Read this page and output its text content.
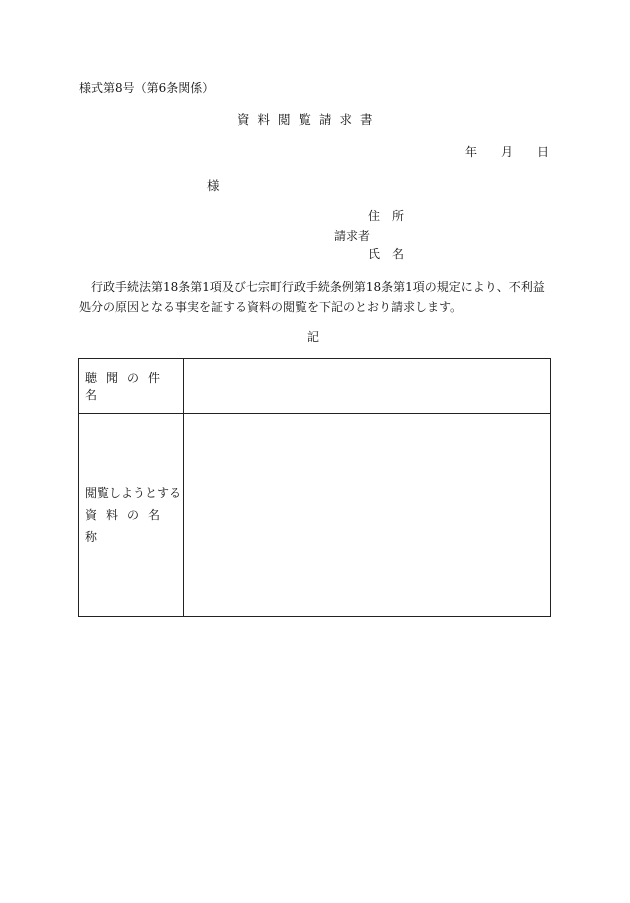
様式第8号（第6条関係）
資料閲覧請求書
年 月 日
様
住所
請求者
氏名
行政手続法第18条第1項及び七宗町行政手続条例第18条第1項の規定により、不利益処分の原因となる事実を証する資料の閲覧を下記のとおり請求します。
記
聴聞の件名
閲覧しようとする
資料の名称
